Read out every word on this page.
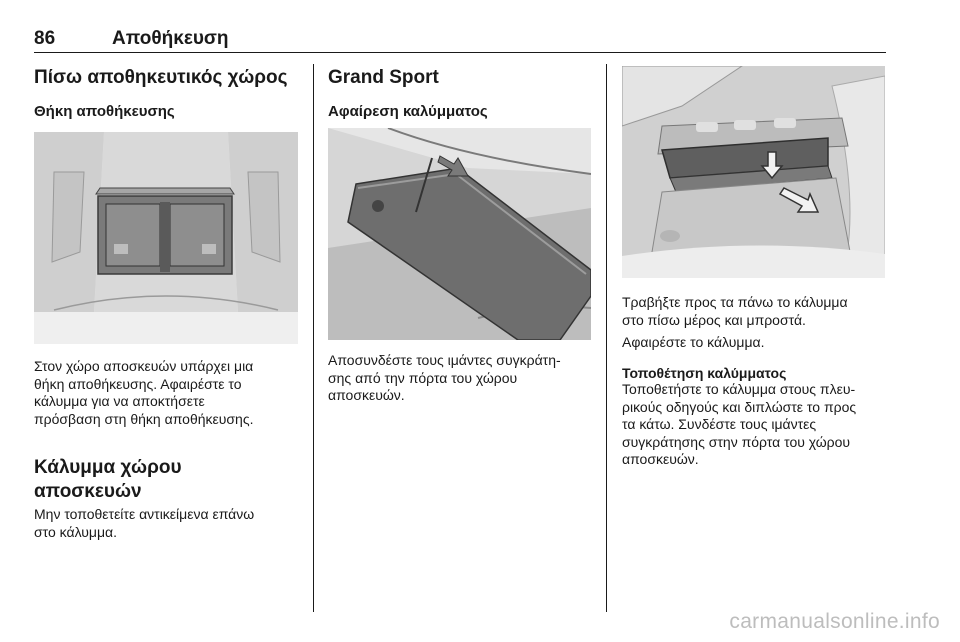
86	Αποθήκευση
Πίσω αποθηκευτικός χώρος
Θήκη αποθήκευσης
Στον χώρο αποσκευών υπάρχει μια
θήκη αποθήκευσης. Αφαιρέστε το
κάλυμμα για να αποκτήσετε
πρόσβαση στη θήκη αποθήκευσης.
Κάλυμμα χώρου
αποσκευών
Μην τοποθετείτε αντικείμενα επάνω
στο κάλυμμα.
Grand Sport
Αφαίρεση καλύμματος
Αποσυνδέστε τους ιμάντες συγκράτη-
σης από την πόρτα του χώρου
αποσκευών.
Τραβήξτε προς τα πάνω το κάλυμμα
στο πίσω μέρος και μπροστά.
Αφαιρέστε το κάλυμμα.
Τοποθέτηση καλύμματος
Τοποθετήστε το κάλυμμα στους πλευ-
ρικούς οδηγούς και διπλώστε το προς
τα κάτω. Συνδέστε τους ιμάντες
συγκράτησης στην πόρτα του χώρου
αποσκευών.
carmanualsonline.info
